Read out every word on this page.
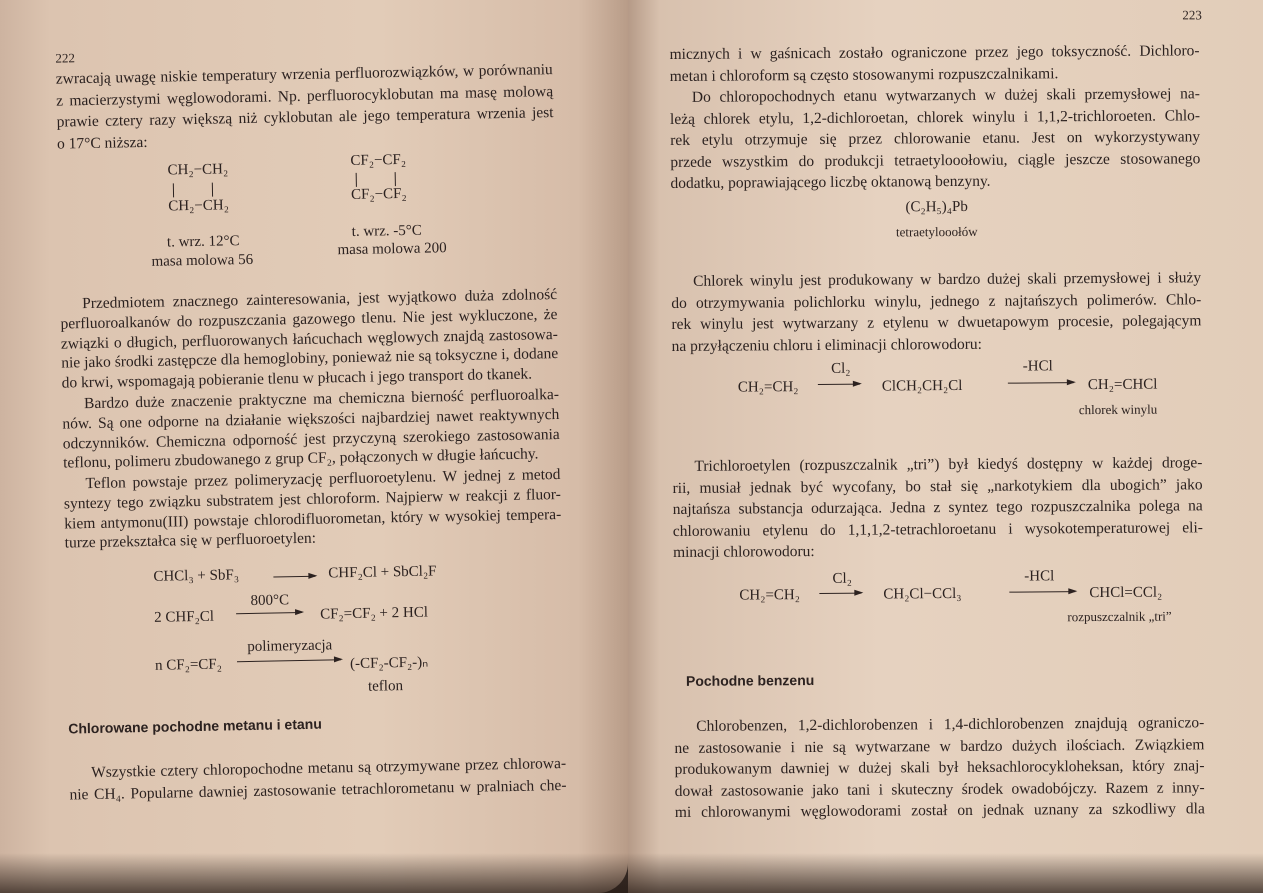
222
zwracają uwagę niskie temperatury wrzenia perfluorozwiązków, w porównaniu
z macierzystymi węglowodorami. Np. perfluorocyklobutan ma masę molową
prawie cztery razy większą niż cyklobutan ale jego temperatura wrzenia jest
o 17°C niższa:
CH₂−CH₂
CH₂−CH₂
t. wrz. 12°C
masa molowa 56
CF₂−CF₂
CF₂−CF₂
t. wrz. -5°C
masa molowa 200
Przedmiotem znacznego zainteresowania, jest wyjątkowo duża zdolność
perfluoroalkanów do rozpuszczania gazowego tlenu. Nie jest wykluczone, że
związki o długich, perfluorowanych łańcuchach węglowych znajdą zastosowa-
nie jako środki zastępcze dla hemoglobiny, ponieważ nie są toksyczne i, dodane
do krwi, wspomagają pobieranie tlenu w płucach i jego transport do tkanek.
Bardzo duże znaczenie praktyczne ma chemiczna bierność perfluoroalka-
nów. Są one odporne na działanie większości najbardziej nawet reaktywnych
odczynników. Chemiczna odporność jest przyczyną szerokiego zastosowania
teflonu, polimeru zbudowanego z grup CF₂, połączonych w długie łańcuchy.
Teflon powstaje przez polimeryzację perfluoroetylenu. W jednej z metod
syntezy tego związku substratem jest chloroform. Najpierw w reakcji z fluor-
kiem antymonu(III) powstaje chlorodifluorometan, który w wysokiej tempera-
turze przekształca się w perfluoroetylen:
CHCl₃ + SbF₃	CHF₂Cl + SbCl₂F
2 CHF₂Cl
800°C
CF₂=CF₂ + 2 HCl
n CF₂=CF₂
polimeryzacja
(-CF₂-CF₂-)ₙ
teflon
Chlorowane pochodne metanu i etanu
Wszystkie cztery chloropochodne metanu są otrzymywane przez chlorowa-
nie CH₄. Popularne dawniej zastosowanie tetrachlorometanu w pralniach che-
223
micznych i w gaśnicach zostało ograniczone przez jego toksyczność. Dichloro-
metan i chloroform są często stosowanymi rozpuszczalnikami.
Do chloropochodnych etanu wytwarzanych w dużej skali przemysłowej na-
leżą chlorek etylu, 1,2-dichloroetan, chlorek winylu i 1,1,2-trichloroeten. Chlo-
rek etylu otrzymuje się przez chlorowanie etanu. Jest on wykorzystywany
przede wszystkim do produkcji tetraetylooołowiu, ciągle jeszcze stosowanego
dodatku, poprawiającego liczbę oktanową benzyny.
(C₂H₅)₄Pb
tetraetylooołów
Chlorek winylu jest produkowany w bardzo dużej skali przemysłowej i służy
do otrzymywania polichlorku winylu, jednego z najtańszych polimerów. Chlo-
rek winylu jest wytwarzany z etylenu w dwuetapowym procesie, polegającym
na przyłączeniu chloru i eliminacji chlorowodoru:
CH₂=CH₂
Cl₂
ClCH₂CH₂Cl
-HCl
CH₂=CHCl
chlorek winylu
Trichloroetylen (rozpuszczalnik „tri”) był kiedyś dostępny w każdej droge-
rii, musiał jednak być wycofany, bo stał się „narkotykiem dla ubogich” jako
najtańsza substancja odurzająca. Jedna z syntez tego rozpuszczalnika polega na
chlorowaniu etylenu do 1,1,1,2-tetrachloroetanu i wysokotemperaturowej eli-
minacji chlorowodoru:
CH₂=CH₂
Cl₂
CH₂Cl−CCl₃
-HCl
CHCl=CCl₂
rozpuszczalnik „tri”
Pochodne benzenu
Chlorobenzen, 1,2-dichlorobenzen i 1,4-dichlorobenzen znajdują ograniczo-
ne zastosowanie i nie są wytwarzane w bardzo dużych ilościach. Związkiem
produkowanym dawniej w dużej skali był heksachlorocykloheksan, który znaj-
dował zastosowanie jako tani i skuteczny środek owadobójczy. Razem z inny-
mi chlorowanymi węglowodorami został on jednak uznany za szkodliwy dla
